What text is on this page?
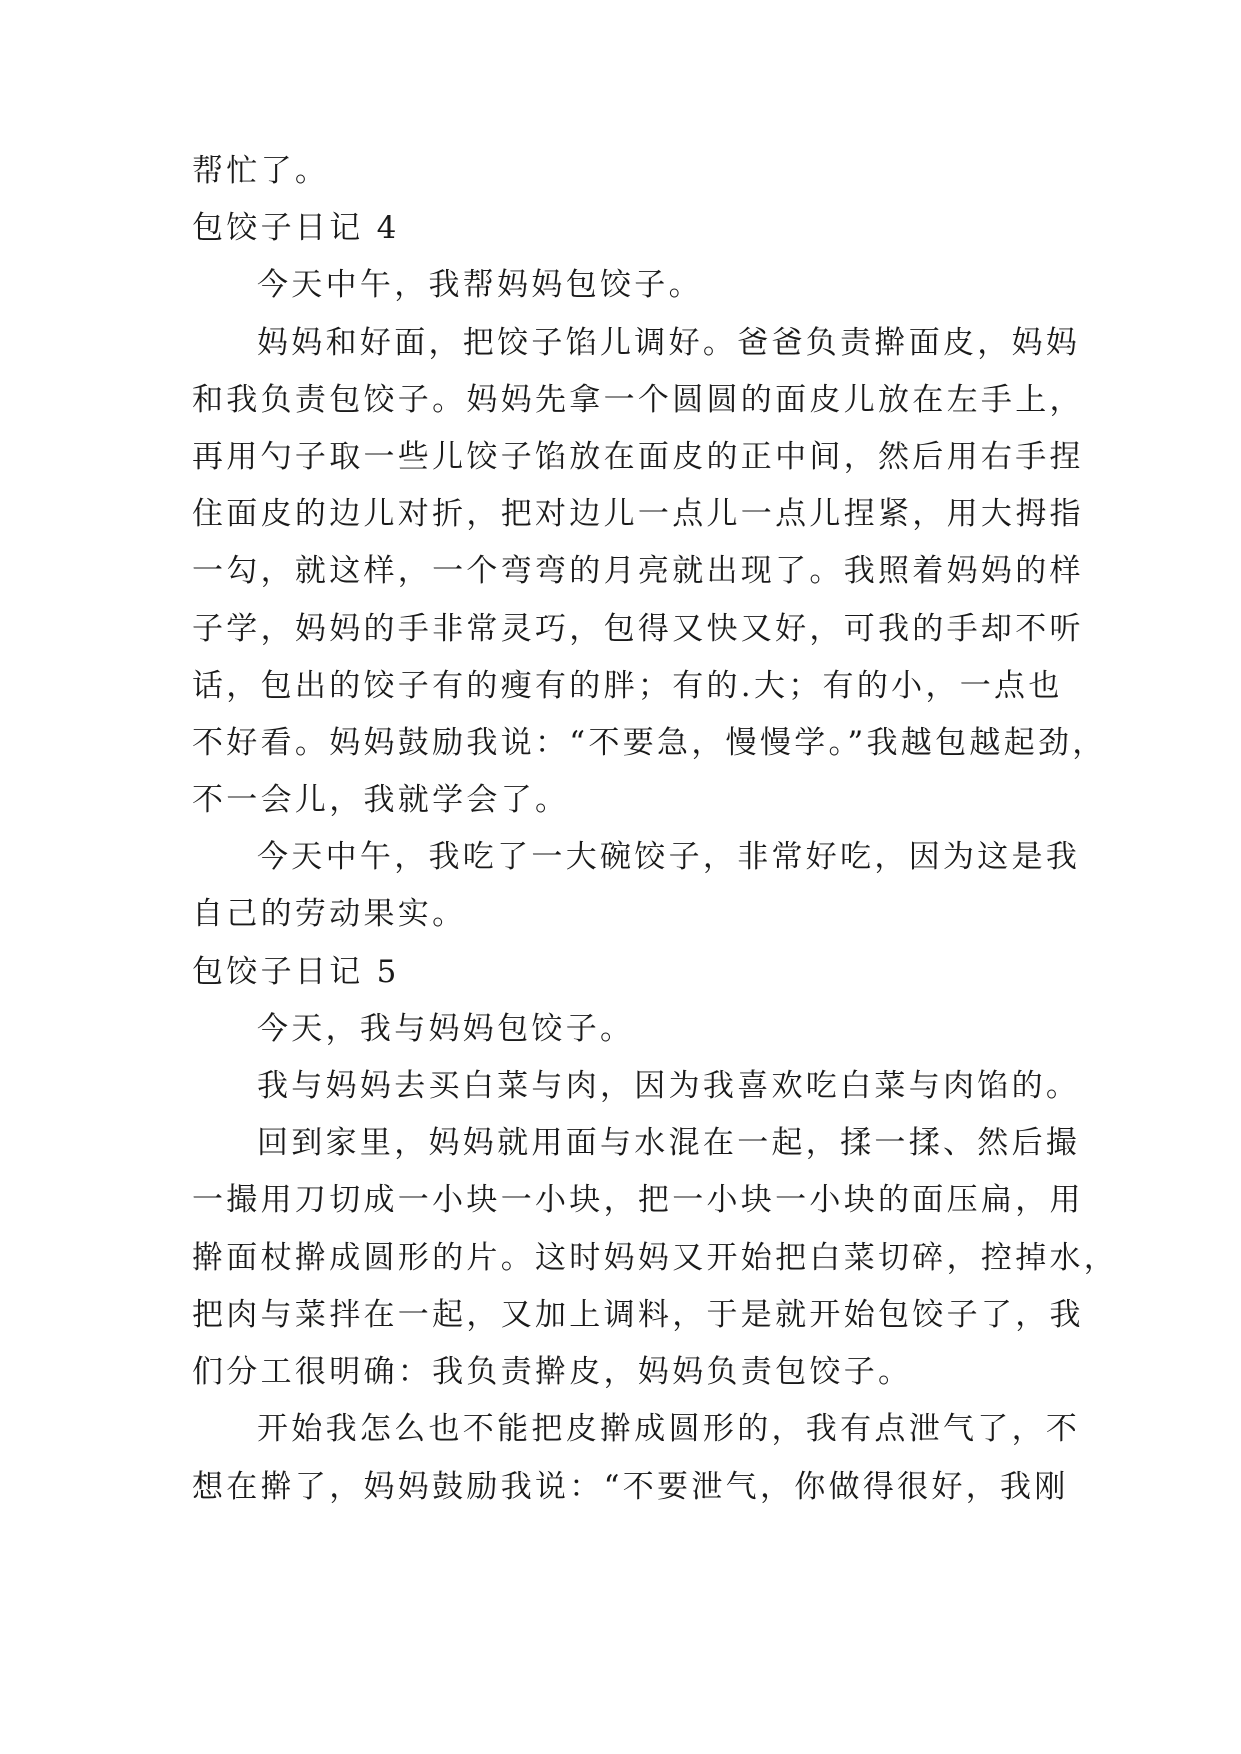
帮忙了。
包饺子日记 4
今天中午，我帮妈妈包饺子。
妈妈和好面，把饺子馅儿调好。爸爸负责擀面皮，妈妈
和我负责包饺子。妈妈先拿一个圆圆的面皮儿放在左手上，
再用勺子取一些儿饺子馅放在面皮的正中间，然后用右手捏
住面皮的边儿对折，把对边儿一点儿一点儿捏紧，用大拇指
一勾，就这样，一个弯弯的月亮就出现了。我照着妈妈的样
子学，妈妈的手非常灵巧，包得又快又好，可我的手却不听
话，包出的饺子有的瘦有的胖；有的.大；有的小，一点也
不好看。妈妈鼓励我说：“不要急，慢慢学。”我越包越起劲，
不一会儿，我就学会了。
今天中午，我吃了一大碗饺子，非常好吃，因为这是我
自己的劳动果实。
包饺子日记 5
今天，我与妈妈包饺子。
我与妈妈去买白菜与肉，因为我喜欢吃白菜与肉馅的。
回到家里，妈妈就用面与水混在一起，揉一揉、然后撮
一撮用刀切成一小块一小块，把一小块一小块的面压扁，用
擀面杖擀成圆形的片。这时妈妈又开始把白菜切碎，控掉水，
把肉与菜拌在一起，又加上调料，于是就开始包饺子了，我
们分工很明确：我负责擀皮，妈妈负责包饺子。
开始我怎么也不能把皮擀成圆形的，我有点泄气了，不
想在擀了，妈妈鼓励我说：“不要泄气，你做得很好，我刚
